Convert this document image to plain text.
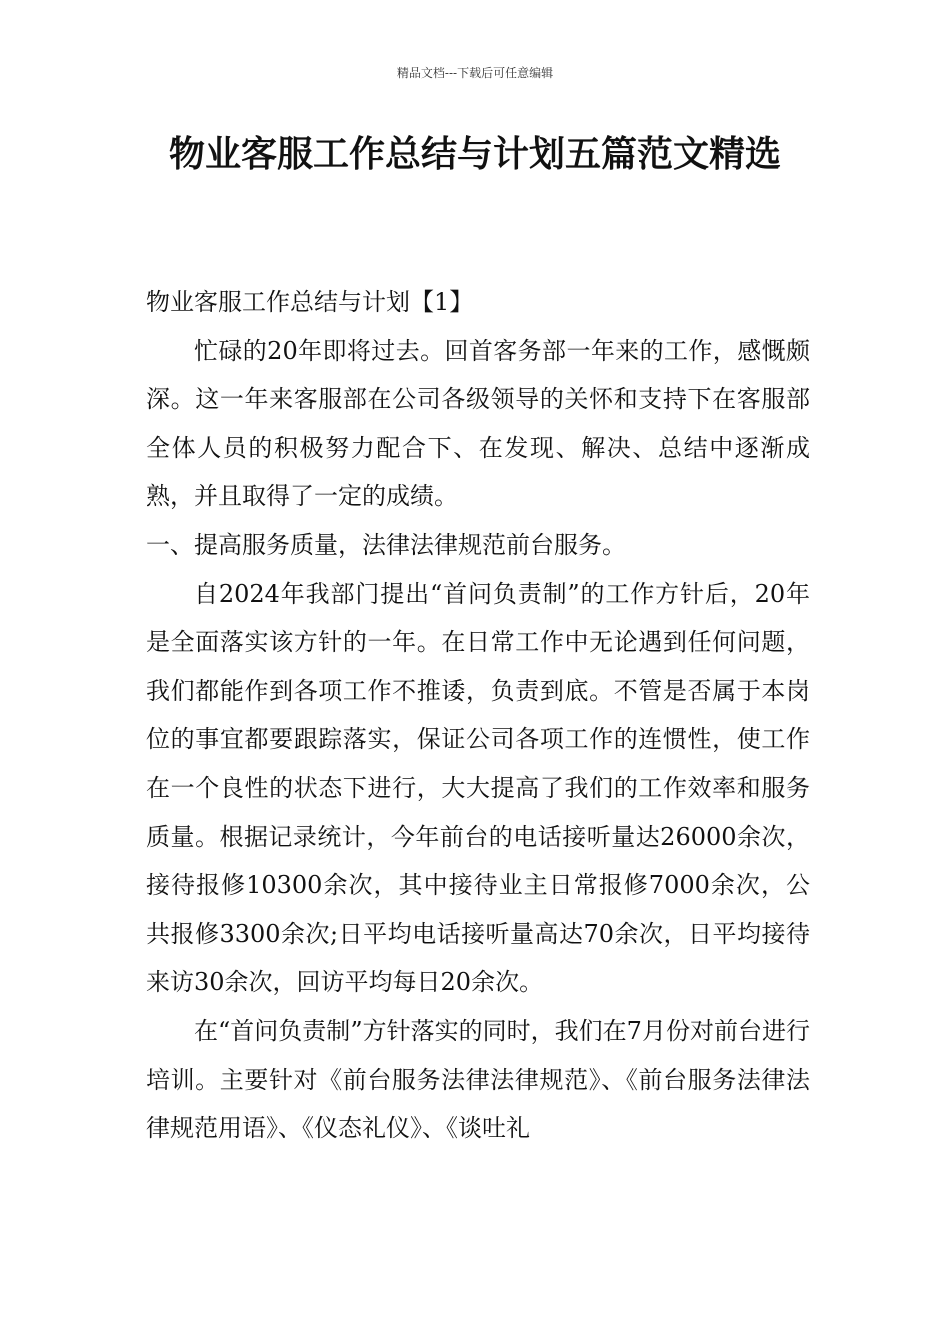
精品文档---下载后可任意编辑
物业客服工作总结与计划五篇范文精选

物业客服工作总结与计划【1】

忙碌的20年即将过去。回首客务部一年来的工作，感慨颇深。这一年来客服部在公司各级领导的关怀和支持下在客服部全体人员的积极努力配合下、在发现、解决、总结中逐渐成熟，并且取得了一定的成绩。

一、提高服务质量，法律法律规范前台服务。

自2024年我部门提出“首问负责制”的工作方针后，20年是全面落实该方针的一年。在日常工作中无论遇到任何问题，我们都能作到各项工作不推诿，负责到底。不管是否属于本岗位的事宜都要跟踪落实，保证公司各项工作的连惯性，使工作在一个良性的状态下进行，大大提高了我们的工作效率和服务质量。根据记录统计，今年前台的电话接听量达26000余次，接待报修10300余次，其中接待业主日常报修7000余次，公共报修3300余次;日平均电话接听量高达70余次，日平均接待来访30余次，回访平均每日20余次。

在“首问负责制”方针落实的同时，我们在7月份对前台进行培训。主要针对《前台服务法律法律规范》、《前台服务法律法律规范用语》、《仪态礼仪》、《谈吐礼
